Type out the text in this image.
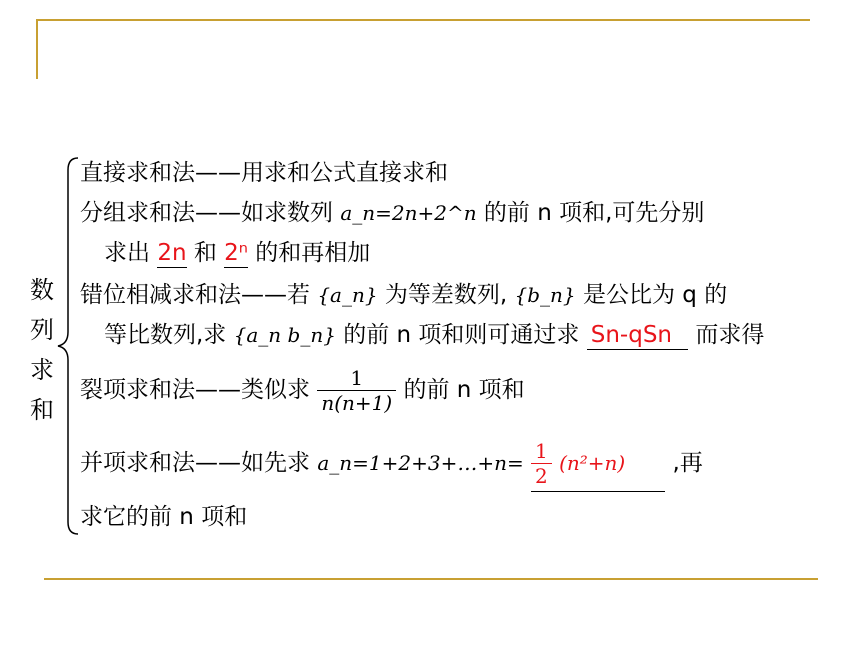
数列求和
直接求和法——用求和公式直接求和
分组求和法——如求数列 a_n=2n+2^n 的前 n 项和,可先分别
求出 2n 和 2ⁿ 的和再相加
错位相减求和法——若 {a_n} 为等差数列, {b_n} 是公比为 q 的
等比数列,求 {a_n b_n} 的前 n 项和则可通过求 Sn-qSn 而求得
裂项求和法——类似求 $\frac{1}{n(n+1)}$ 的前 n 项和
并项求和法——如先求 a_n=1+2+3+…+n= $\frac{1}{2} (n^2+n)$ ,再
求它的前 n 项和
